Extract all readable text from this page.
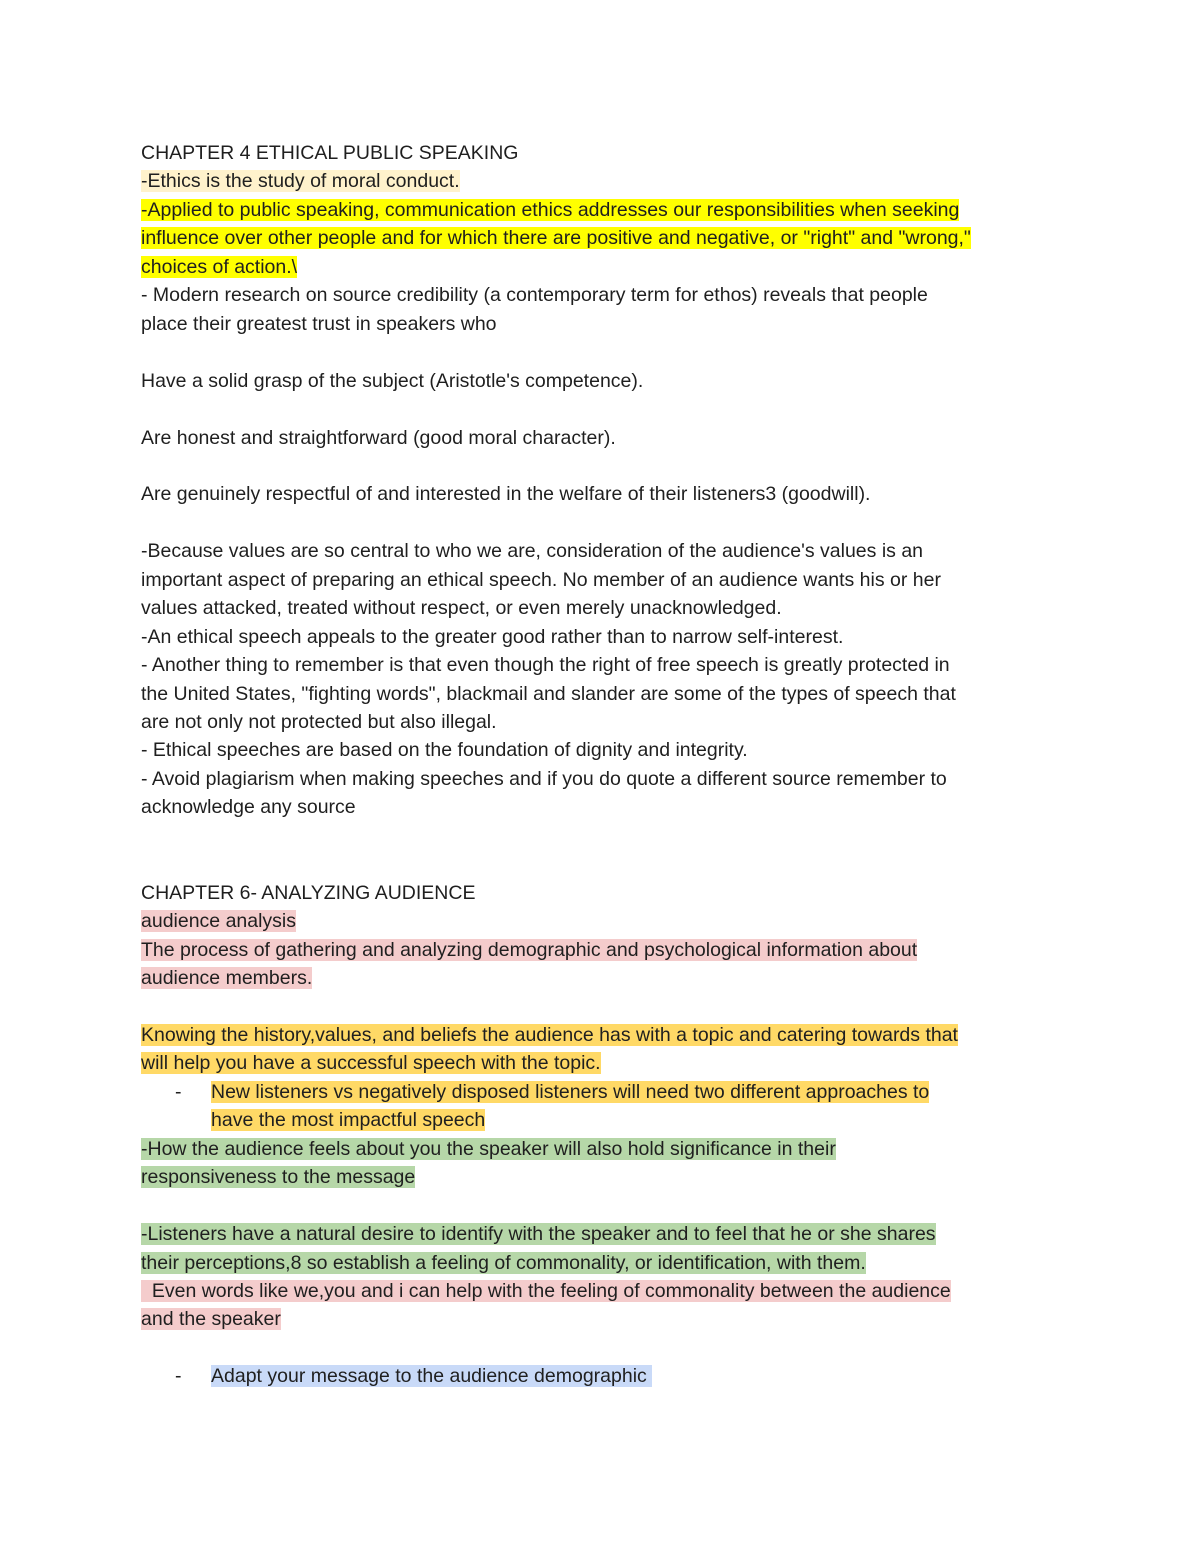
CHAPTER 4 ETHICAL PUBLIC SPEAKING

-Ethics is the study of moral conduct.

-Applied to public speaking, communication ethics addresses our responsibilities when seeking

influence over other people and for which there are positive and negative, or "right" and "wrong,"

choices of action.\

- Modern research on source credibility (a contemporary term for ethos) reveals that people

place their greatest trust in speakers who

Have a solid grasp of the subject (Aristotle's competence).

Are honest and straightforward (good moral character).

Are genuinely respectful of and interested in the welfare of their listeners3 (goodwill).

-Because values are so central to who we are, consideration of the audience's values is an

important aspect of preparing an ethical speech. No member of an audience wants his or her

values attacked, treated without respect, or even merely unacknowledged.

-An ethical speech appeals to the greater good rather than to narrow self-interest.

- Another thing to remember is that even though the right of free speech is greatly protected in

the United States, "fighting words", blackmail and slander are some of the types of speech that

are not only not protected but also illegal.

- Ethical speeches are based on the foundation of dignity and integrity.

- Avoid plagiarism when making speeches and if you do quote a different source remember to

acknowledge any source

CHAPTER 6- ANALYZING AUDIENCE

audience analysis

The process of gathering and analyzing demographic and psychological information about

audience members.

Knowing the history,values, and beliefs the audience has with a topic and catering towards that

will help you have a successful speech with the topic.

- New listeners vs negatively disposed listeners will need two different approaches to

have the most impactful speech

-How the audience feels about you the speaker will also hold significance in their

responsiveness to the message

-Listeners have a natural desire to identify with the speaker and to feel that he or she shares

their perceptions,8 so establish a feeling of commonality, or identification, with them.

Even words like we,you and i can help with the feeling of commonality between the audience

and the speaker

- Adapt your message to the audience demographic
